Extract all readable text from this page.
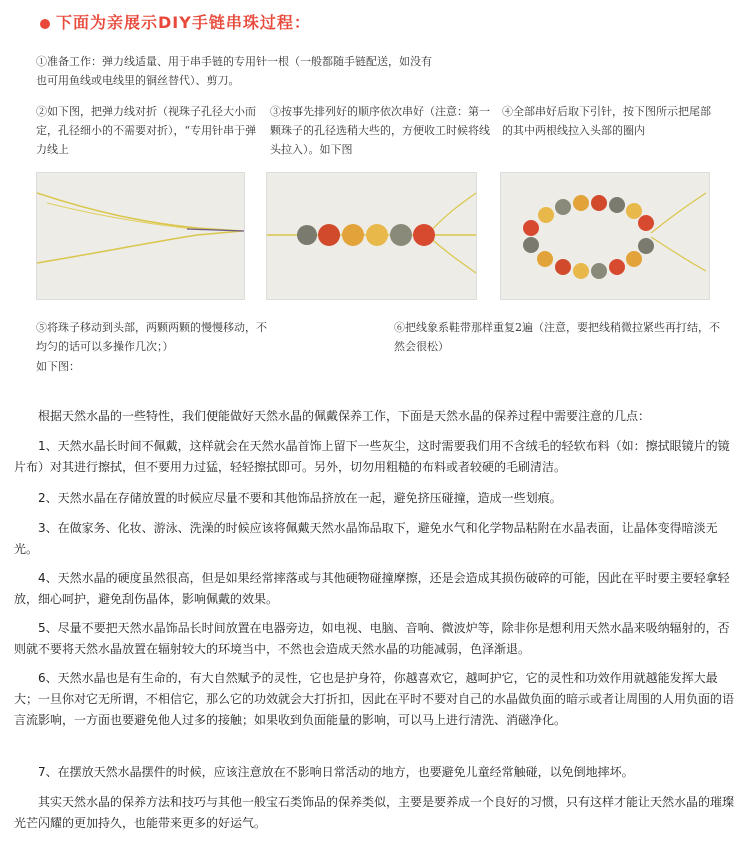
下面为亲展示DIY手链串珠过程：
①准备工作：弹力线适量、用于串手链的专用针一根（一般都随手链配送，如没有也可用鱼线或电线里的铜丝替代）、剪刀。
②如下图，把弹力线对折（视珠子孔径大小而定，孔径细小的不需要对折），“专用针串于弹力线上
③按事先排列好的顺序依次串好（注意：第一颗珠子的孔径选稍大些的，方便收工时候将线头拉入）。如下图
④全部串好后取下引针，按下图所示把尾部的其中两根线拉入头部的圈内
⑤将珠子移动到头部，两颗两颗的慢慢移动，不均匀的话可以多操作几次；）
如下图：
⑥把线象系鞋带那样重复2遍（注意，要把线稍微拉紧些再打结，不然会很松）
根据天然水晶的一些特性，我们便能做好天然水晶的佩戴保养工作，下面是天然水晶的保养过程中需要注意的几点：
1、天然水晶长时间不佩戴，这样就会在天然水晶首饰上留下一些灰尘，这时需要我们用不含绒毛的轻软布料（如：擦拭眼镜片的镜片布）对其进行擦拭，但不要用力过猛，轻轻擦拭即可。另外，切勿用粗糙的布料或者较硬的毛刷清洁。
2、天然水晶在存储放置的时候应尽量不要和其他饰品挤放在一起，避免挤压碰撞，造成一些划痕。
3、在做家务、化妆、游泳、洗澡的时候应该将佩戴天然水晶饰品取下，避免水气和化学物品粘附在水晶表面，让晶体变得暗淡无光。
4、天然水晶的硬度虽然很高，但是如果经常摔落或与其他硬物碰撞摩擦，还是会造成其损伤破碎的可能，因此在平时要主要轻拿轻放，细心呵护，避免刮伤晶体，影响佩戴的效果。
5、尽量不要把天然水晶饰品长时间放置在电器旁边，如电视、电脑、音响、微波炉等，除非你是想利用天然水晶来吸纳辐射的，否则就不要将天然水晶放置在辐射较大的环境当中，不然也会造成天然水晶的功能减弱，色泽渐退。
6、天然水晶也是有生命的，有大自然赋予的灵性，它也是护身符，你越喜欢它，越呵护它，它的灵性和功效作用就越能发挥大最大；一旦你对它无所谓，不相信它，那么它的功效就会大打折扣，因此在平时不要对自己的水晶做负面的暗示或者让周围的人用负面的语言流影响，一方面也要避免他人过多的接触；如果收到负面能量的影响，可以马上进行清洗、消磁净化。
7、在摆放天然水晶摆件的时候，应该注意放在不影响日常活动的地方，也要避免儿童经常触碰，以免倒地摔坏。
其实天然水晶的保养方法和技巧与其他一般宝石类饰品的保养类似，主要是要养成一个良好的习惯，只有这样才能让天然水晶的璀璨光芒闪耀的更加持久，也能带来更多的好运气。
